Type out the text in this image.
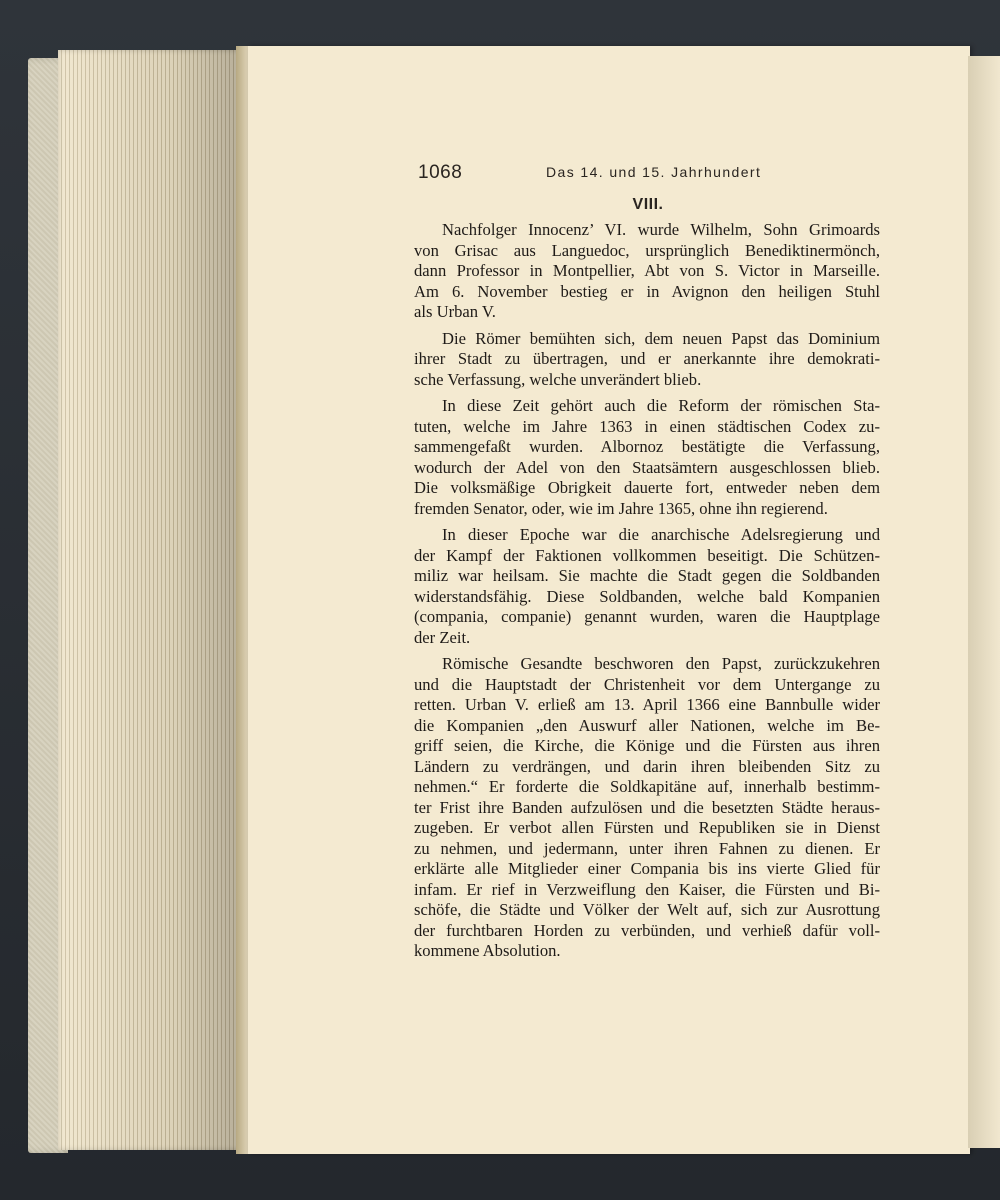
1068	Das 14. und 15. Jahrhundert
VIII.
Nachfolger Innocenz’ VI. wurde Wilhelm, Sohn Grimoards
von Grisac aus Languedoc, ursprünglich Benediktinermönch,
dann Professor in Montpellier, Abt von S. Victor in Marseille.
Am 6. November bestieg er in Avignon den heiligen Stuhl
als Urban V.
Die Römer bemühten sich, dem neuen Papst das Dominium
ihrer Stadt zu übertragen, und er anerkannte ihre demokrati-
sche Verfassung, welche unverändert blieb.
In diese Zeit gehört auch die Reform der römischen Sta-
tuten, welche im Jahre 1363 in einen städtischen Codex zu-
sammengefaßt wurden. Albornoz bestätigte die Verfassung,
wodurch der Adel von den Staatsämtern ausgeschlossen blieb.
Die volksmäßige Obrigkeit dauerte fort, entweder neben dem
fremden Senator, oder, wie im Jahre 1365, ohne ihn regierend.
In dieser Epoche war die anarchische Adelsregierung und
der Kampf der Faktionen vollkommen beseitigt. Die Schützen-
miliz war heilsam. Sie machte die Stadt gegen die Soldbanden
widerstandsfähig. Diese Soldbanden, welche bald Kompanien
(compania, companie) genannt wurden, waren die Hauptplage
der Zeit.
Römische Gesandte beschworen den Papst, zurückzukehren
und die Hauptstadt der Christenheit vor dem Untergange zu
retten. Urban V. erließ am 13. April 1366 eine Bannbulle wider
die Kompanien „den Auswurf aller Nationen, welche im Be-
griff seien, die Kirche, die Könige und die Fürsten aus ihren
Ländern zu verdrängen, und darin ihren bleibenden Sitz zu
nehmen.“ Er forderte die Soldkapitäne auf, innerhalb bestimm-
ter Frist ihre Banden aufzulösen und die besetzten Städte heraus-
zugeben. Er verbot allen Fürsten und Republiken sie in Dienst
zu nehmen, und jedermann, unter ihren Fahnen zu dienen. Er
erklärte alle Mitglieder einer Compania bis ins vierte Glied für
infam. Er rief in Verzweiflung den Kaiser, die Fürsten und Bi-
schöfe, die Städte und Völker der Welt auf, sich zur Ausrottung
der furchtbaren Horden zu verbünden, und verhieß dafür voll-
kommene Absolution.
